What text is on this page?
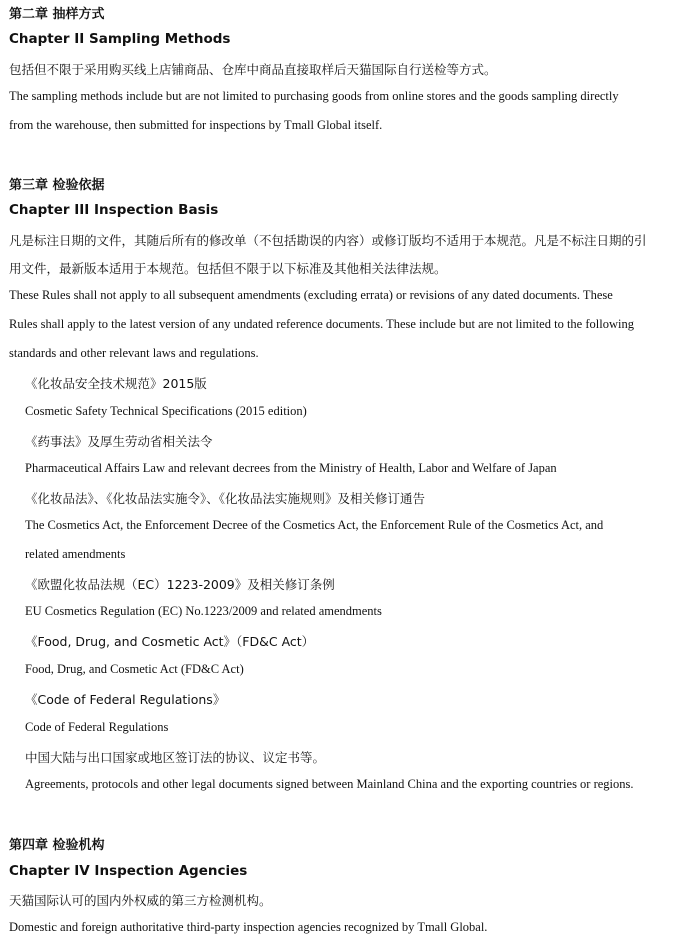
第二章 抽样方式
Chapter II Sampling Methods
包括但不限于采用购买线上店铺商品、仓库中商品直接取样后天猫国际自行送检等方式。
The sampling methods include but are not limited to purchasing goods from online stores and the goods sampling directly
from the warehouse, then submitted for inspections by Tmall Global itself.
第三章 检验依据
Chapter III Inspection Basis
凡是标注日期的文件，其随后所有的修改单（不包括勘误的内容）或修订版均不适用于本规范。凡是不标注日期的引
用文件，最新版本适用于本规范。包括但不限于以下标准及其他相关法律法规。
These Rules shall not apply to all subsequent amendments (excluding errata) or revisions of any dated documents. These
Rules shall apply to the latest version of any undated reference documents. These include but are not limited to the following
standards and other relevant laws and regulations.
《化妆品安全技术规范》2015版
Cosmetic Safety Technical Specifications (2015 edition)
《药事法》及厚生劳动省相关法令
Pharmaceutical Affairs Law and relevant decrees from the Ministry of Health, Labor and Welfare of Japan
《化妆品法》、《化妆品法实施令》、《化妆品法实施规则》及相关修订通告
The Cosmetics Act, the Enforcement Decree of the Cosmetics Act, the Enforcement Rule of the Cosmetics Act, and
related amendments
《欧盟化妆品法规（EC）1223-2009》及相关修订条例
EU Cosmetics Regulation (EC) No.1223/2009 and related amendments
《Food, Drug, and Cosmetic Act》（FD&C Act）
Food, Drug, and Cosmetic Act (FD&C Act)
《Code of Federal Regulations》
Code of Federal Regulations
中国大陆与出口国家或地区签订法的协议、议定书等。
Agreements, protocols and other legal documents signed between Mainland China and the exporting countries or regions.
第四章 检验机构
Chapter IV Inspection Agencies
天猫国际认可的国内外权威的第三方检测机构。
Domestic and foreign authoritative third-party inspection agencies recognized by Tmall Global.
